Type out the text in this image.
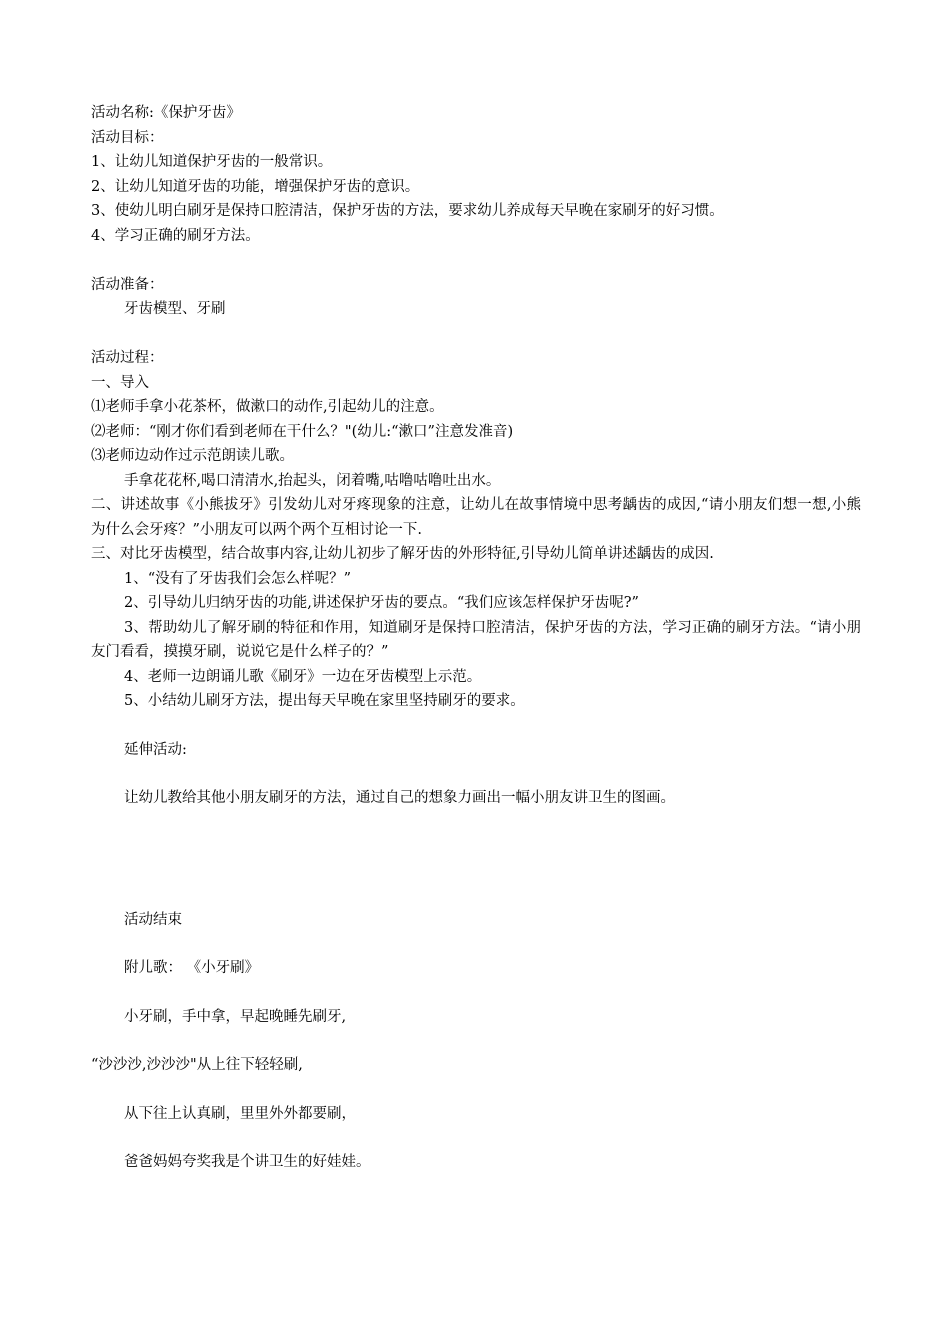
活动名称:《保护牙齿》

活动目标：

1、让幼儿知道保护牙齿的一般常识。

2、让幼儿知道牙齿的功能，增强保护牙齿的意识。

3、使幼儿明白刷牙是保持口腔清洁，保护牙齿的方法，要求幼儿养成每天早晚在家刷牙的好习惯。

4、学习正确的刷牙方法。

活动准备：

牙齿模型、牙刷

活动过程：

一、导入

⑴老师手拿小花茶杯，做漱口的动作,引起幼儿的注意。

⑵老师：“刚才你们看到老师在干什么？"(幼儿:“漱口”注意发准音)

⑶老师边动作过示范朗读儿歌。

手拿花花杯,喝口清清水,抬起头，闭着嘴,咕噜咕噜吐出水。

二、讲述故事《小熊拔牙》引发幼儿对牙疼现象的注意，让幼儿在故事情境中思考龋齿的成因,“请小朋友们想一想,小熊为什么会牙疼？”小朋友可以两个两个互相讨论一下.

三、对比牙齿模型，结合故事内容,让幼儿初步了解牙齿的外形特征,引导幼儿简单讲述龋齿的成因.

1、“没有了牙齿我们会怎么样呢？”

2、引导幼儿归纳牙齿的功能,讲述保护牙齿的要点。“我们应该怎样保护牙齿呢?”

3、帮助幼儿了解牙刷的特征和作用，知道刷牙是保持口腔清洁，保护牙齿的方法，学习正确的刷牙方法。“请小朋友门看看，摸摸牙刷，说说它是什么样子的？”

4、老师一边朗诵儿歌《刷牙》一边在牙齿模型上示范。

5、小结幼儿刷牙方法，提出每天早晚在家里坚持刷牙的要求。

延伸活动:

让幼儿教给其他小朋友刷牙的方法，通过自己的想象力画出一幅小朋友讲卫生的图画。

活动结束

附儿歌： 《小牙刷》

小牙刷，手中拿，早起晚睡先刷牙,

“沙沙沙,沙沙沙"从上往下轻轻刷,

从下往上认真刷，里里外外都要刷，

爸爸妈妈夸奖我是个讲卫生的好娃娃。
